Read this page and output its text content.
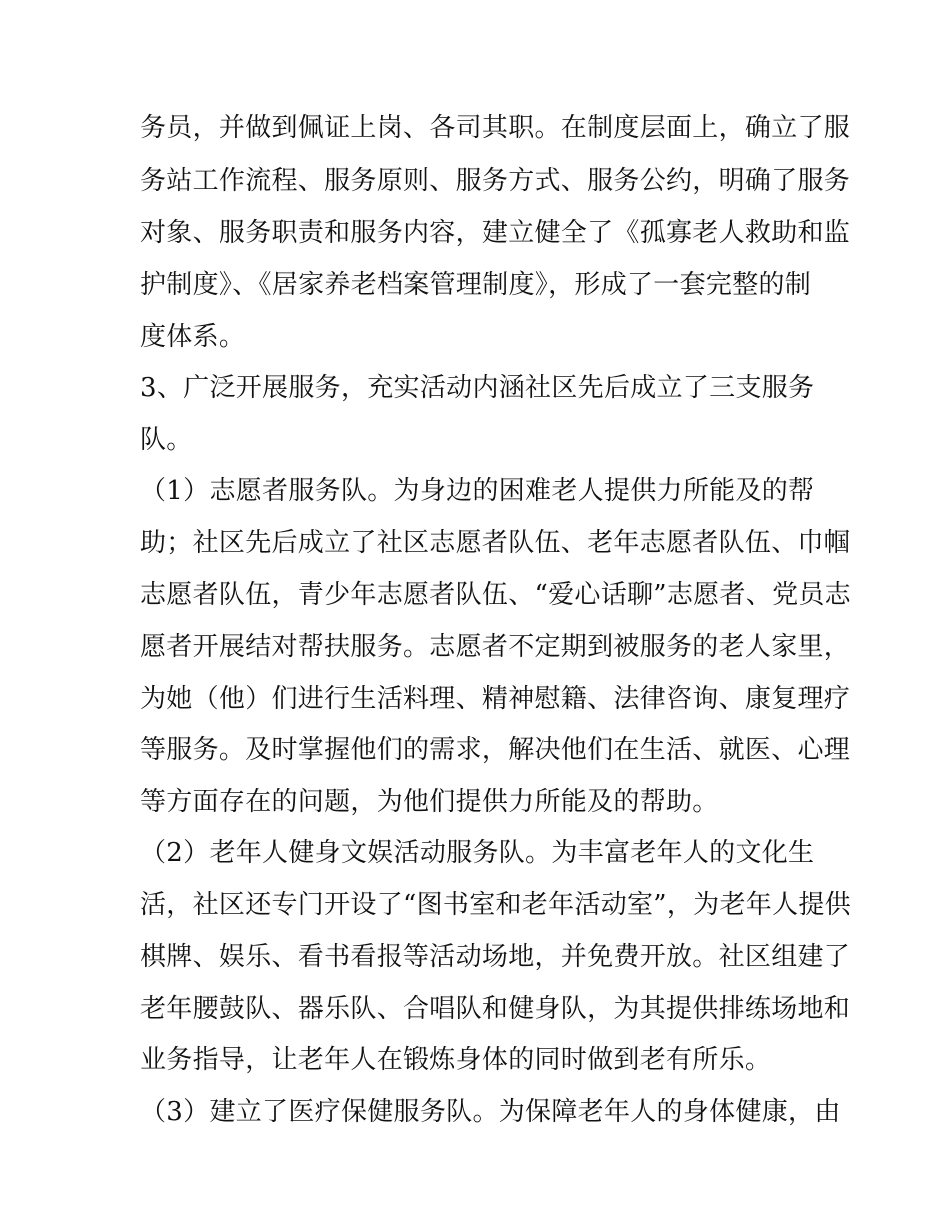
务员，并做到佩证上岗、各司其职。在制度层面上，确立了服
务站工作流程、服务原则、服务方式、服务公约，明确了服务
对象、服务职责和服务内容，建立健全了《孤寡老人救助和监
护制度》、《居家养老档案管理制度》，形成了一套完整的制
度体系。
3、广泛开展服务，充实活动内涵社区先后成立了三支服务
队。
（1）志愿者服务队。为身边的困难老人提供力所能及的帮
助；社区先后成立了社区志愿者队伍、老年志愿者队伍、巾帼
志愿者队伍，青少年志愿者队伍、“爱心话聊”志愿者、党员志
愿者开展结对帮扶服务。志愿者不定期到被服务的老人家里，
为她（他）们进行生活料理、精神慰籍、法律咨询、康复理疗
等服务。及时掌握他们的需求，解决他们在生活、就医、心理
等方面存在的问题，为他们提供力所能及的帮助。
（2）老年人健身文娱活动服务队。为丰富老年人的文化生
活，社区还专门开设了“图书室和老年活动室”，为老年人提供
棋牌、娱乐、看书看报等活动场地，并免费开放。社区组建了
老年腰鼓队、器乐队、合唱队和健身队，为其提供排练场地和
业务指导，让老年人在锻炼身体的同时做到老有所乐。
（3）建立了医疗保健服务队。为保障老年人的身体健康，由
